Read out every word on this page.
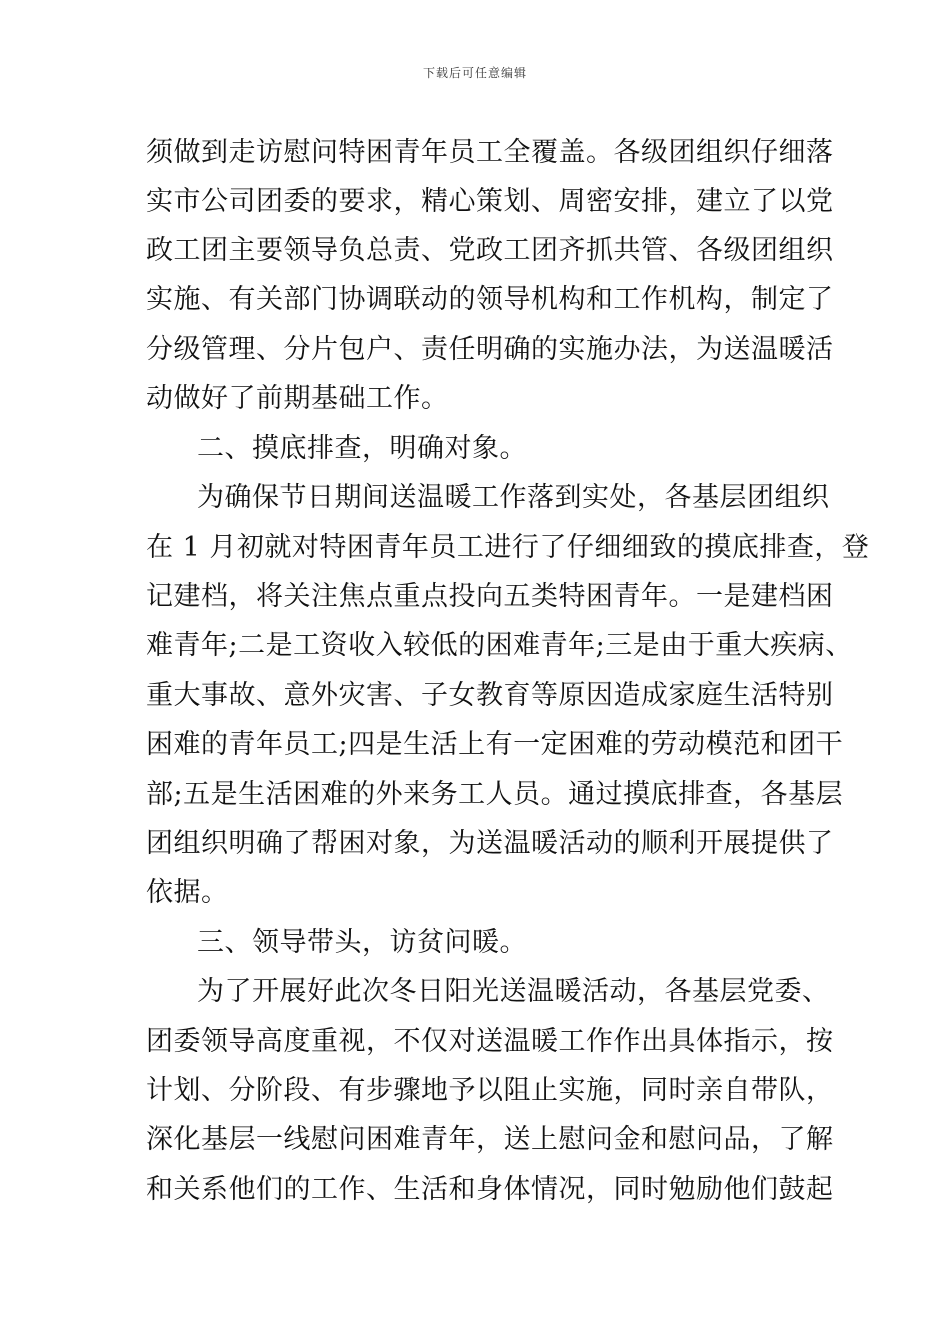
下载后可任意编辑
须做到走访慰问特困青年员工全覆盖。各级团组织仔细落
实市公司团委的要求，精心策划、周密安排，建立了以党
政工团主要领导负总责、党政工团齐抓共管、各级团组织
实施、有关部门协调联动的领导机构和工作机构，制定了
分级管理、分片包户、责任明确的实施办法，为送温暖活
动做好了前期基础工作。
二、摸底排查，明确对象。
为确保节日期间送温暖工作落到实处，各基层团组织
在 1 月初就对特困青年员工进行了仔细细致的摸底排查，登
记建档，将关注焦点重点投向五类特困青年。一是建档困
难青年;二是工资收入较低的困难青年;三是由于重大疾病、
重大事故、意外灾害、子女教育等原因造成家庭生活特别
困难的青年员工;四是生活上有一定困难的劳动模范和团干
部;五是生活困难的外来务工人员。通过摸底排查，各基层
团组织明确了帮困对象，为送温暖活动的顺利开展提供了
依据。
三、领导带头，访贫问暖。
为了开展好此次冬日阳光送温暖活动，各基层党委、
团委领导高度重视，不仅对送温暖工作作出具体指示，按
计划、分阶段、有步骤地予以阻止实施，同时亲自带队，
深化基层一线慰问困难青年，送上慰问金和慰问品，了解
和关系他们的工作、生活和身体情况，同时勉励他们鼓起
